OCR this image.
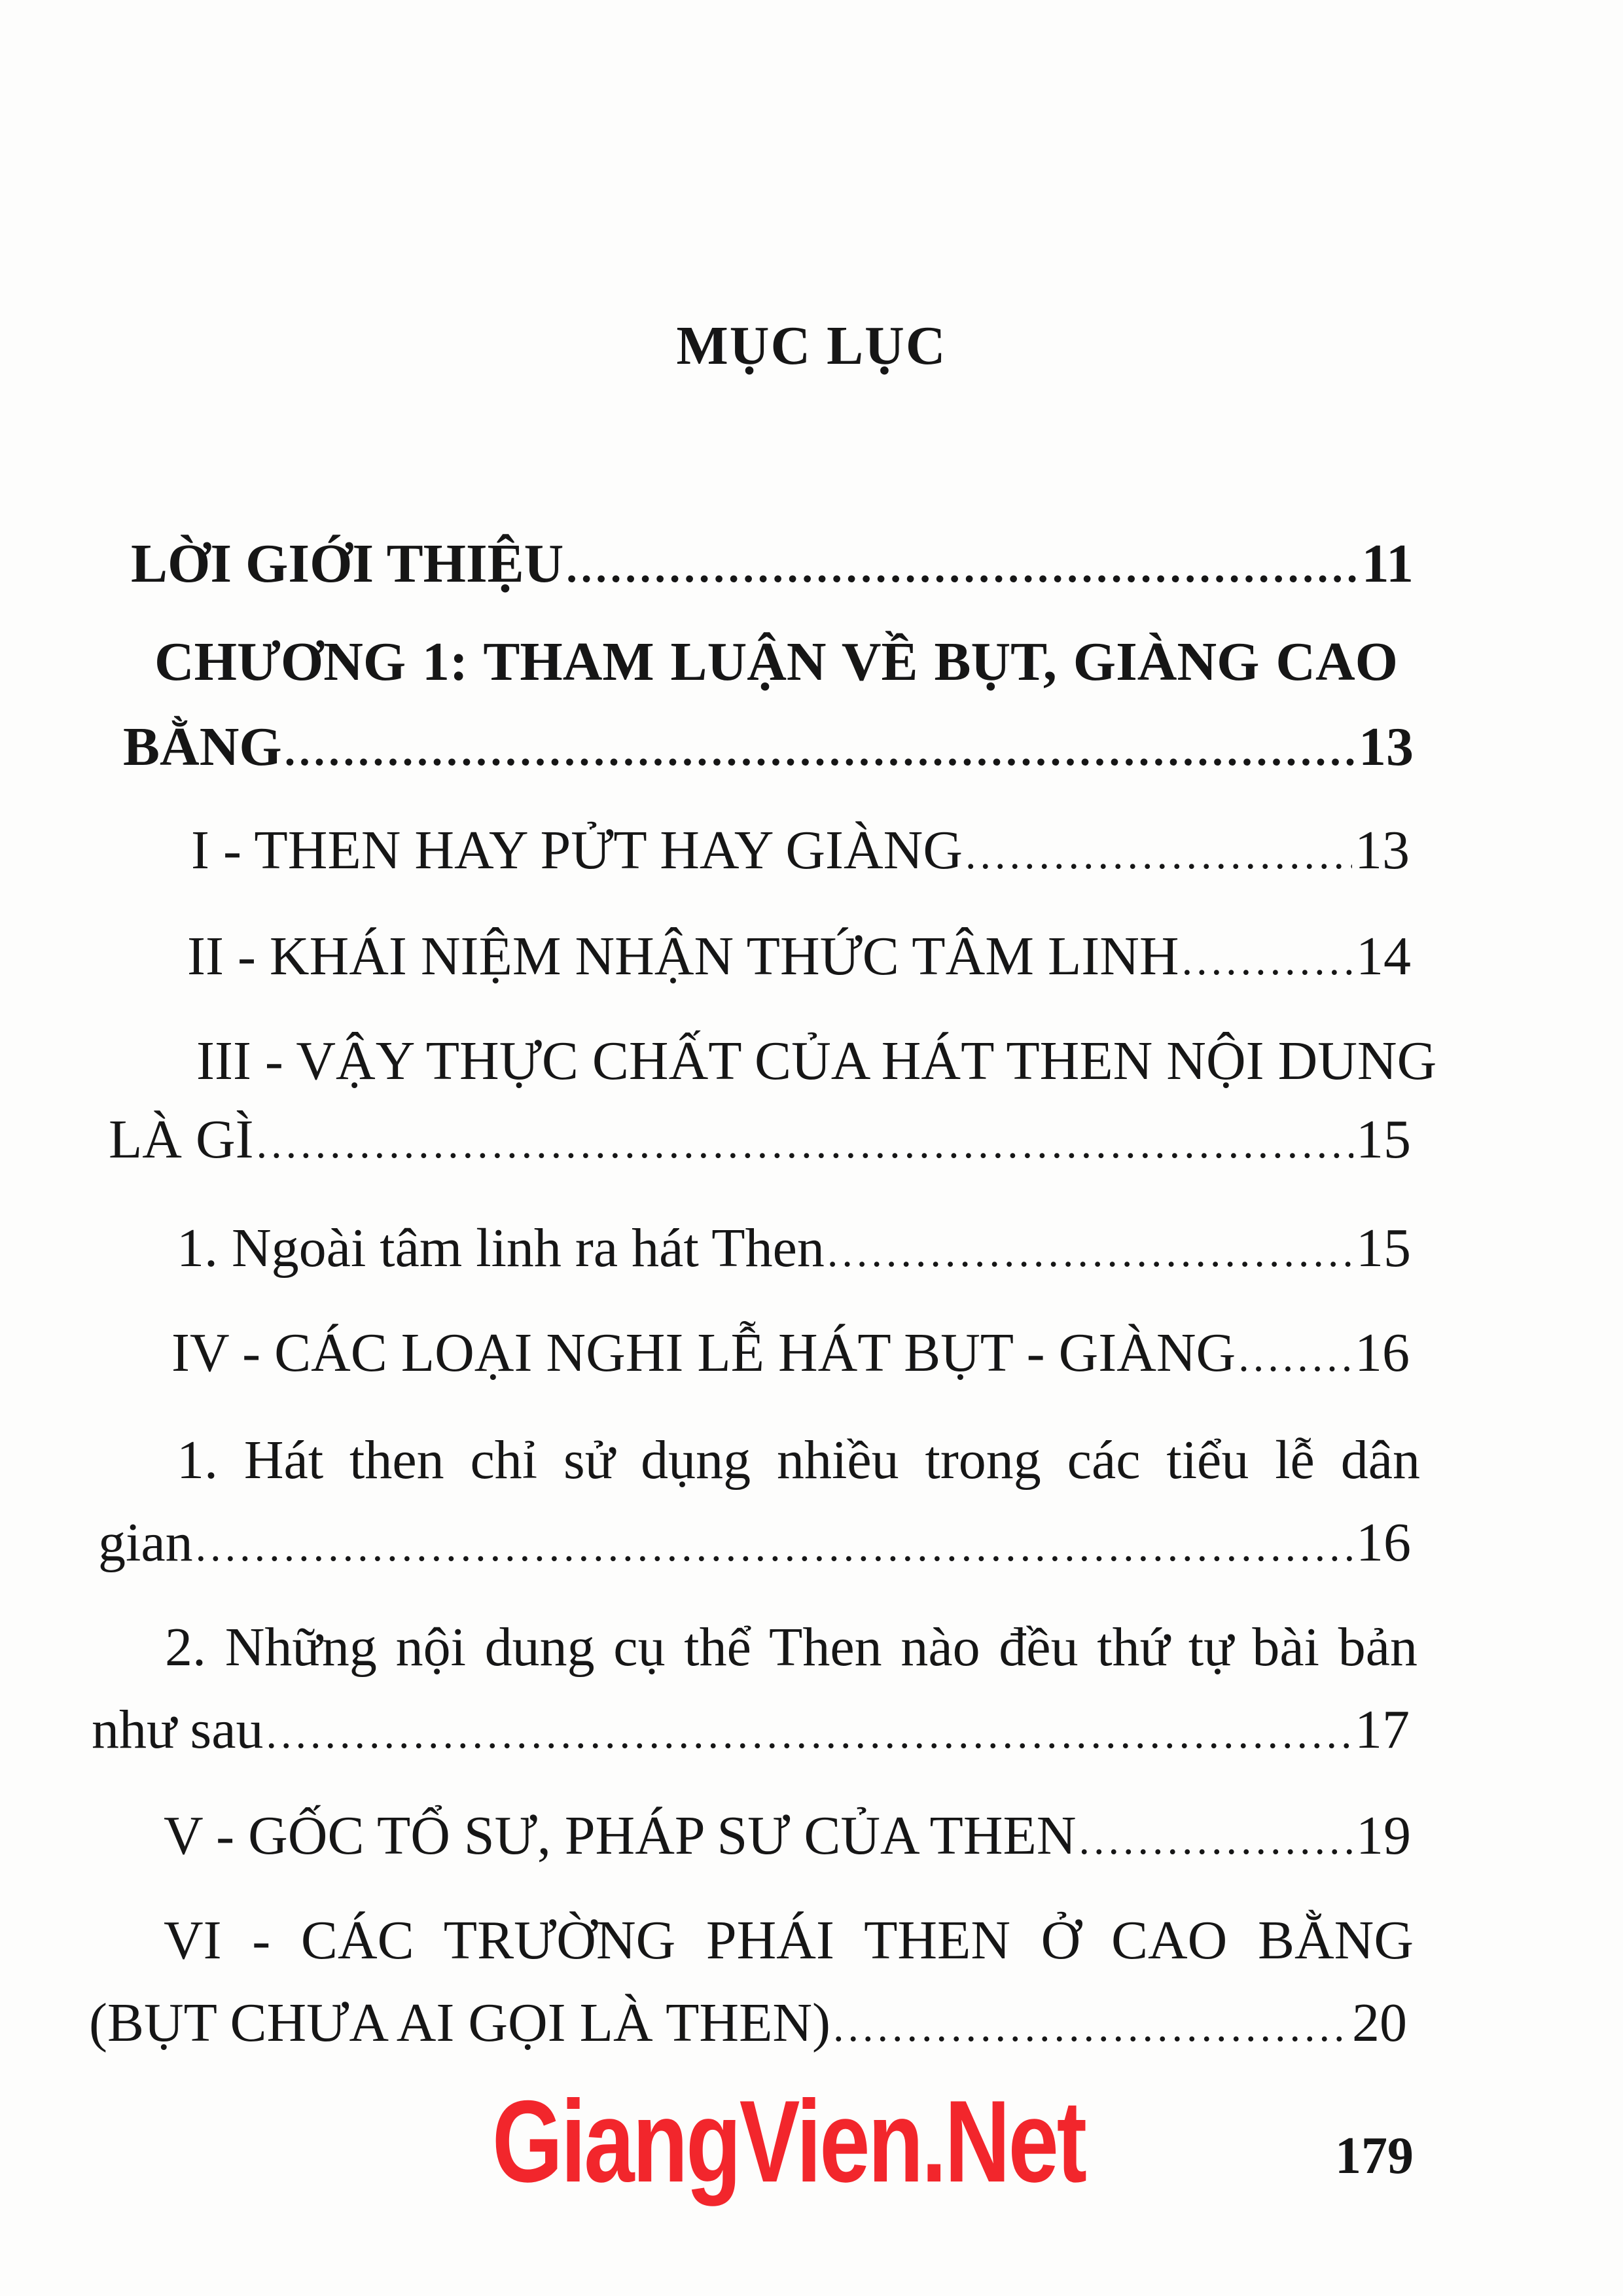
MỤC LỤC
LỜI GIỚI THIỆU .....	11
CHƯƠNG 1: THAM LUẬN VỀ BỤT, GIÀNG CAO
BẰNG .....	13
I - THEN HAY PỬT HAY GIÀNG .....	13
II - KHÁI NIỆM NHẬN THỨC TÂM LINH .....	14
III - VẬY THỰC CHẤT CỦA HÁT THEN NỘI DUNG
LÀ GÌ .....	15
1. Ngoài tâm linh ra hát Then .....	15
IV - CÁC LOẠI NGHI LỄ HÁT BỤT - GIÀNG ..... 16
1. Hát then chỉ sử dụng nhiều trong các tiểu lễ dân
gian .....	16
2. Những nội dung cụ thể Then nào đều thứ tự bài bản
như sau .....	17
V - GỐC TỔ SƯ, PHÁP SƯ CỦA THEN .....	19
VI - CÁC TRƯỜNG PHÁI THEN Ở CAO BẰNG
(BỤT CHƯA AI GỌI LÀ THEN) .....	20
GiangVien.Net	179
